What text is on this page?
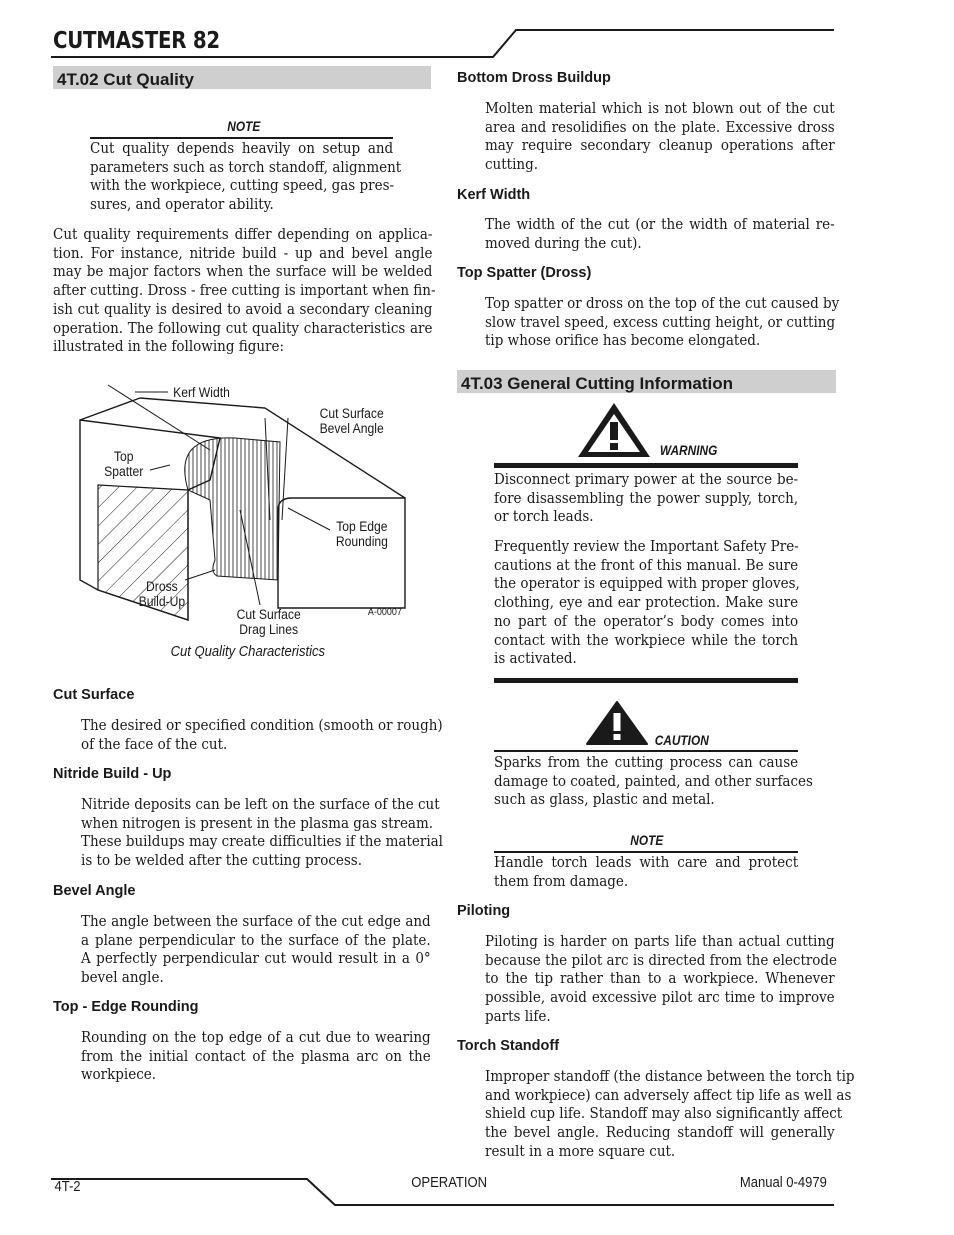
CUTMASTER 82
4T.02 Cut Quality
NOTE
Cut quality depends heavily on setup and
parameters such as torch standoff, alignment
with the workpiece, cutting speed, gas pres-
sures, and operator ability.
Cut quality requirements differ depending on applica-
tion. For instance, nitride build - up and bevel angle
may be major factors when the surface will be welded
after cutting. Dross - free cutting is important when fin-
ish cut quality is desired to avoid a secondary cleaning
operation. The following cut quality characteristics are
illustrated in the following figure:
Kerf Width
Cut Surface
Bevel Angle
Top
Spatter
Top Edge
Rounding
Dross
Build-Up
Cut Surface
Drag Lines
A-00007
Cut Quality Characteristics
Cut Surface
The desired or specified condition (smooth or rough)
of the face of the cut.
Nitride Build - Up
Nitride deposits can be left on the surface of the cut
when nitrogen is present in the plasma gas stream.
These buildups may create difficulties if the material
is to be welded after the cutting process.
Bevel Angle
The angle between the surface of the cut edge and
a plane perpendicular to the surface of the plate.
A perfectly perpendicular cut would result in a 0°
bevel angle.
Top - Edge Rounding
Rounding on the top edge of a cut due to wearing
from the initial contact of the plasma arc on the
workpiece.
Bottom Dross Buildup
Molten material which is not blown out of the cut
area and resolidifies on the plate. Excessive dross
may require secondary cleanup operations after
cutting.
Kerf Width
The width of the cut (or the width of material re-
moved during the cut).
Top Spatter (Dross)
Top spatter or dross on the top of the cut caused by
slow travel speed, excess cutting height, or cutting
tip whose orifice has become elongated.
4T.03 General Cutting Information
WARNING
Disconnect primary power at the source be-
fore disassembling the power supply, torch,
or torch leads.
Frequently review the Important Safety Pre-
cautions at the front of this manual. Be sure
the operator is equipped with proper gloves,
clothing, eye and ear protection. Make sure
no part of the operator’s body comes into
contact with the workpiece while the torch
is activated.
CAUTION
Sparks from the cutting process can cause
damage to coated, painted, and other surfaces
such as glass, plastic and metal.
NOTE
Handle torch leads with care and protect
them from damage.
Piloting
Piloting is harder on parts life than actual cutting
because the pilot arc is directed from the electrode
to the tip rather than to a workpiece. Whenever
possible, avoid excessive pilot arc time to improve
parts life.
Torch Standoff
Improper standoff (the distance between the torch tip
and workpiece) can adversely affect tip life as well as
shield cup life. Standoff may also significantly affect
the bevel angle. Reducing standoff will generally
result in a more square cut.
4T-2	OPERATION	Manual 0-4979
